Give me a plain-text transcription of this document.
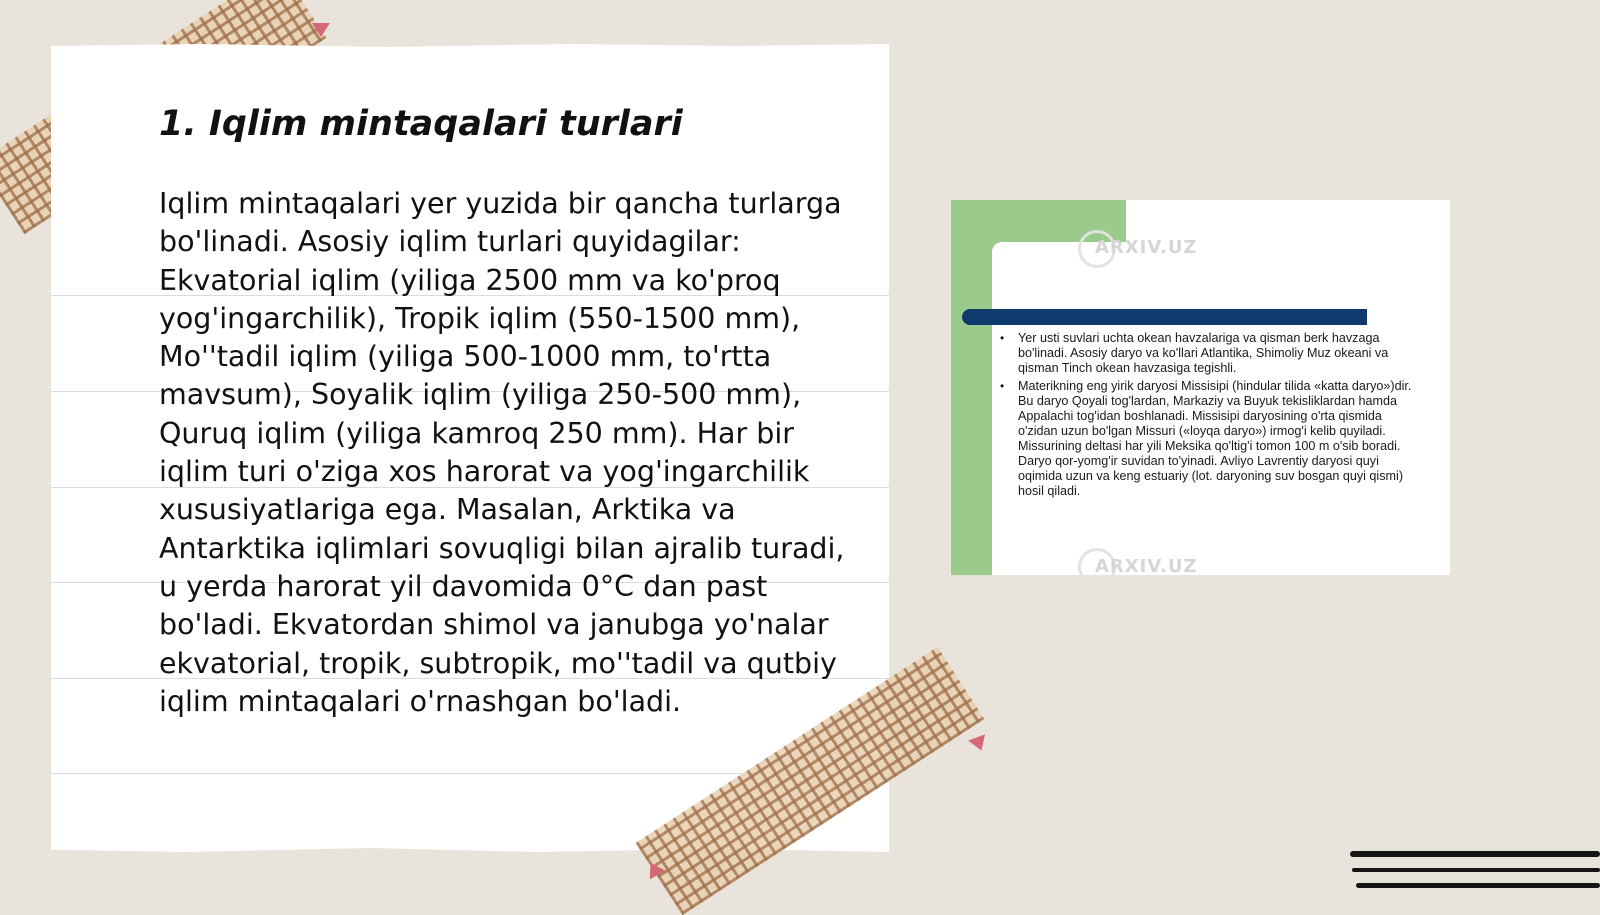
1. Iqlim mintaqalari turlari

Iqlim mintaqalari yer yuzida bir qancha turlarga bo'linadi. Asosiy iqlim turlari quyidagilar: Ekvatorial iqlim (yiliga 2500 mm va ko'proq yog'ingarchilik), Tropik iqlim (550-1500 mm), Mo''tadil iqlim (yiliga 500-1000 mm, to'rtta mavsum), Soyalik iqlim (yiliga 250-500 mm), Quruq iqlim (yiliga kamroq 250 mm). Har bir iqlim turi o'ziga xos harorat va yog'ingarchilik xususiyatlariga ega. Masalan, Arktika va Antarktika iqlimlari sovuqligi bilan ajralib turadi, u yerda harorat yil davomida 0°C dan past bo'ladi. Ekvatordan shimol va janubga yo'nalar ekvatorial, tropik, subtropik, mo''tadil va qutbiy iqlim mintaqalari o'rnashgan bo'ladi.

ARXIV.UZ
• Yer usti suvlari uchta okean havzalariga va qisman berk havzaga bo'linadi. Asosiy daryo va ko'llari Atlantika, Shimoliy Muz okeani va qisman Tinch okean havzasiga tegishli.
• Materikning eng yirik daryosi Missisipi (hindular tilida «katta daryo»)dir. Bu daryo Qoyali tog'lardan, Markaziy va Buyuk tekisliklardan hamda Appalachi tog'idan boshlanadi. Missisipi daryosining o'rta qismida o'zidan uzun bo'lgan Missuri («loyqa daryo») irmog'i kelib quyiladi. Missurining deltasi har yili Meksika qo'ltig'i tomon 100 m o'sib boradi. Daryo qor-yomg'ir suvidan to'yinadi. Avliyo Lavrentiy daryosi quyi oqimida uzun va keng estuariy (lot. daryoning suv bosgan quyi qismi) hosil qiladi.
ARXIV.UZ
